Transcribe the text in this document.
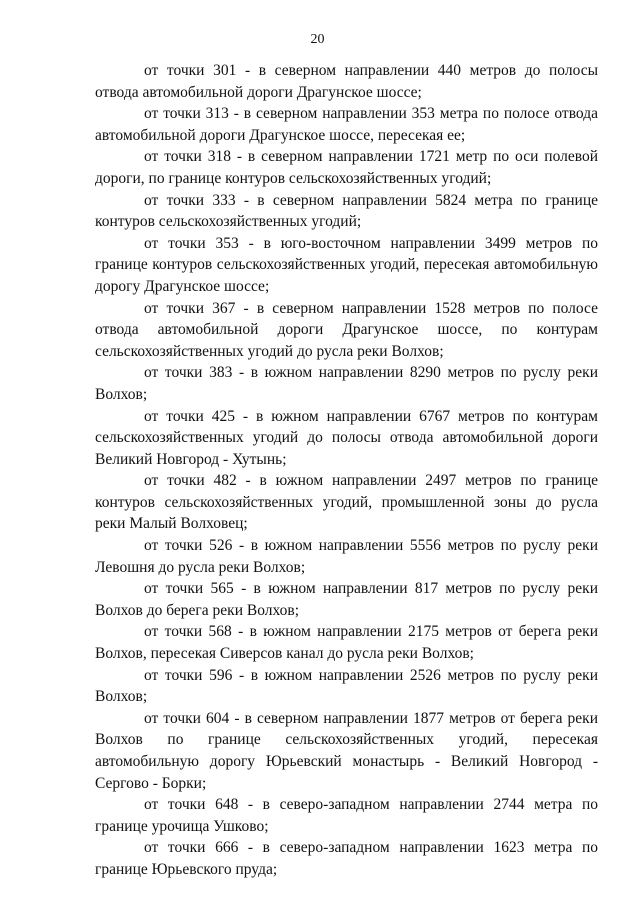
20

от точки 301 - в северном направлении 440 метров до полосы отвода автомобильной дороги Драгунское шоссе;

от точки 313 - в северном направлении 353 метра по полосе отвода автомобильной дороги Драгунское шоссе, пересекая ее;

от точки 318 - в северном направлении 1721 метр по оси полевой дороги, по границе контуров сельскохозяйственных угодий;

от точки 333 - в северном направлении 5824 метра по границе контуров сельскохозяйственных угодий;

от точки 353 - в юго-восточном направлении 3499 метров по границе контуров сельскохозяйственных угодий, пересекая автомобильную дорогу Драгунское шоссе;

от точки 367 - в северном направлении 1528 метров по полосе отвода автомобильной дороги Драгунское шоссе, по контурам сельскохозяйственных угодий до русла реки Волхов;

от точки 383 - в южном направлении 8290 метров по руслу реки Волхов;

от точки 425 - в южном направлении 6767 метров по контурам сельскохозяйственных угодий до полосы отвода автомобильной дороги Великий Новгород - Хутынь;

от точки 482 - в южном направлении 2497 метров по границе контуров сельскохозяйственных угодий, промышленной зоны до русла реки Малый Волховец;

от точки 526 - в южном направлении 5556 метров по руслу реки Левошня до русла реки Волхов;

от точки 565 - в южном направлении 817 метров по руслу реки Волхов до берега реки Волхов;

от точки 568 - в южном направлении 2175 метров от берега реки Волхов, пересекая Сиверсов канал до русла реки Волхов;

от точки 596 - в южном направлении 2526 метров по руслу реки Волхов;

от точки 604 - в северном направлении 1877 метров от берега реки Волхов по границе сельскохозяйственных угодий, пересекая автомобильную дорогу Юрьевский монастырь - Великий Новгород - Сергово - Борки;

от точки 648 - в северо-западном направлении 2744 метра по границе урочища Ушково;

от точки 666 - в северо-западном направлении 1623 метра по границе Юрьевского пруда;
